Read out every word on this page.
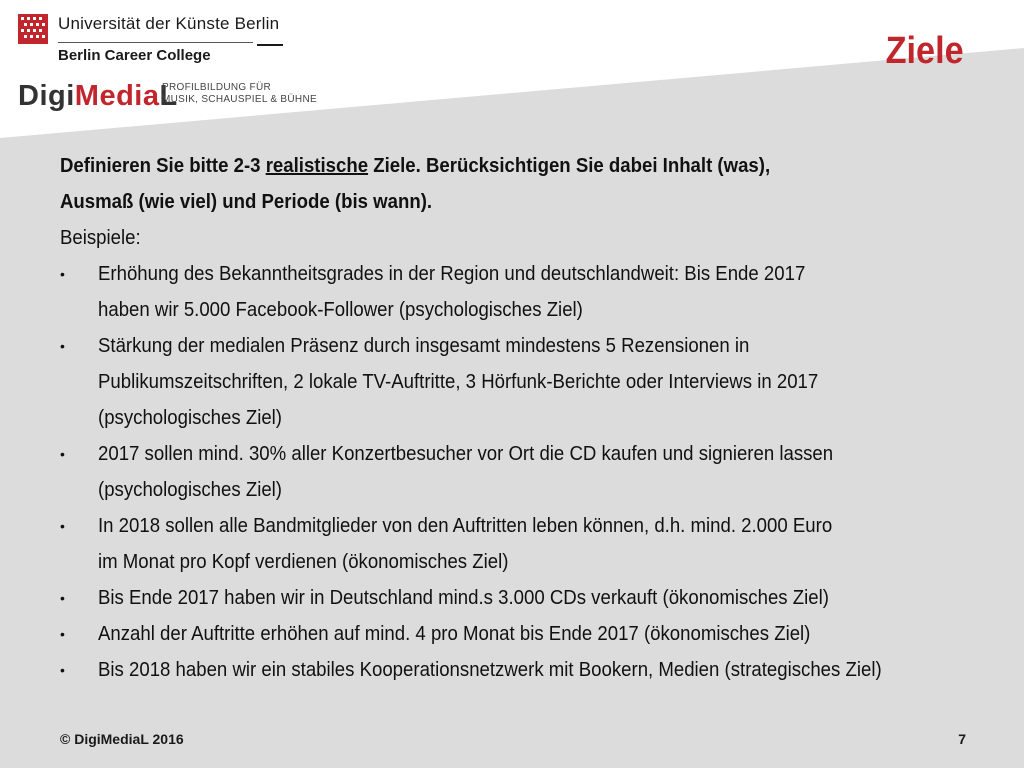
Universität der Künste Berlin
Berlin Career College
DigiMediaL
PROFILBILDUNG FÜR
MUSIK, SCHAUSPIEL & BÜHNE
Ziele
Definieren Sie bitte 2-3 realistische Ziele. Berücksichtigen Sie dabei Inhalt (was),
Ausmaß (wie viel) und Periode (bis wann).
Beispiele:
• Erhöhung des Bekanntheitsgrades in der Region und deutschlandweit: Bis Ende 2017
haben wir 5.000 Facebook-Follower (psychologisches Ziel)
• Stärkung der medialen Präsenz durch insgesamt mindestens 5 Rezensionen in
Publikumszeitschriften, 2 lokale TV-Auftritte, 3 Hörfunk-Berichte oder Interviews in 2017
(psychologisches Ziel)
• 2017 sollen mind. 30% aller Konzertbesucher vor Ort die CD kaufen und signieren lassen
(psychologisches Ziel)
• In 2018 sollen alle Bandmitglieder von den Auftritten leben können, d.h. mind. 2.000 Euro
im Monat pro Kopf verdienen (ökonomisches Ziel)
• Bis Ende 2017 haben wir in Deutschland mind.s 3.000 CDs verkauft (ökonomisches Ziel)
• Anzahl der Auftritte erhöhen auf mind. 4 pro Monat bis Ende 2017 (ökonomisches Ziel)
• Bis 2018 haben wir ein stabiles Kooperationsnetzwerk mit Bookern, Medien (strategisches Ziel)
© DigiMediaL 2016	7
